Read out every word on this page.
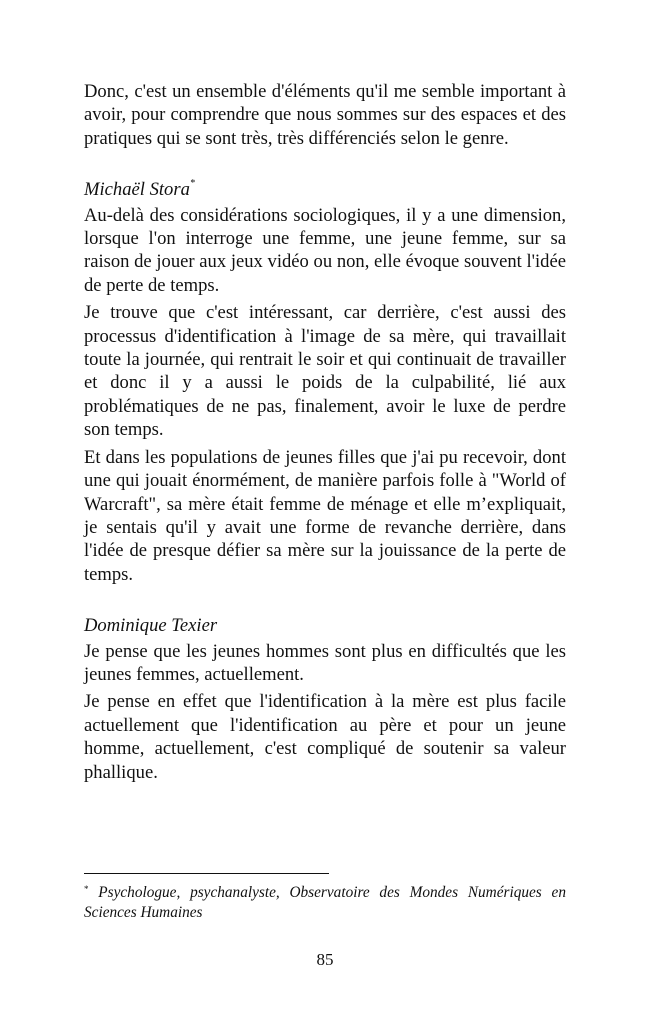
Donc, c'est un ensemble d'éléments qu'il me semble important à avoir, pour comprendre que nous sommes sur des espaces et des pratiques qui se sont très, très différenciés selon le genre.

Michaël Stora*

Au-delà des considérations sociologiques, il y a une dimension, lorsque l'on interroge une femme, une jeune femme, sur sa raison de jouer aux jeux vidéo ou non, elle évoque souvent l'idée de perte de temps.

Je trouve que c'est intéressant, car derrière, c'est aussi des processus d'identification à l'image de sa mère, qui travaillait toute la journée, qui rentrait le soir et qui continuait de travailler et donc il y a aussi le poids de la culpabilité, lié aux problématiques de ne pas, finalement, avoir le luxe de perdre son temps.

Et dans les populations de jeunes filles que j'ai pu recevoir, dont une qui jouait énormément, de manière parfois folle à "World of Warcraft", sa mère était femme de ménage et elle m’expliquait, je sentais qu'il y avait une forme de revanche derrière, dans l'idée de presque défier sa mère sur la jouissance de la perte de temps.

Dominique Texier

Je pense que les jeunes hommes sont plus en difficultés que les jeunes femmes, actuellement.

Je pense en effet que l'identification à la mère est plus facile actuellement que l'identification au père et pour un jeune homme, actuellement, c'est compliqué de soutenir sa valeur phallique.

* Psychologue, psychanalyste, Observatoire des Mondes Numériques en Sciences Humaines

85
